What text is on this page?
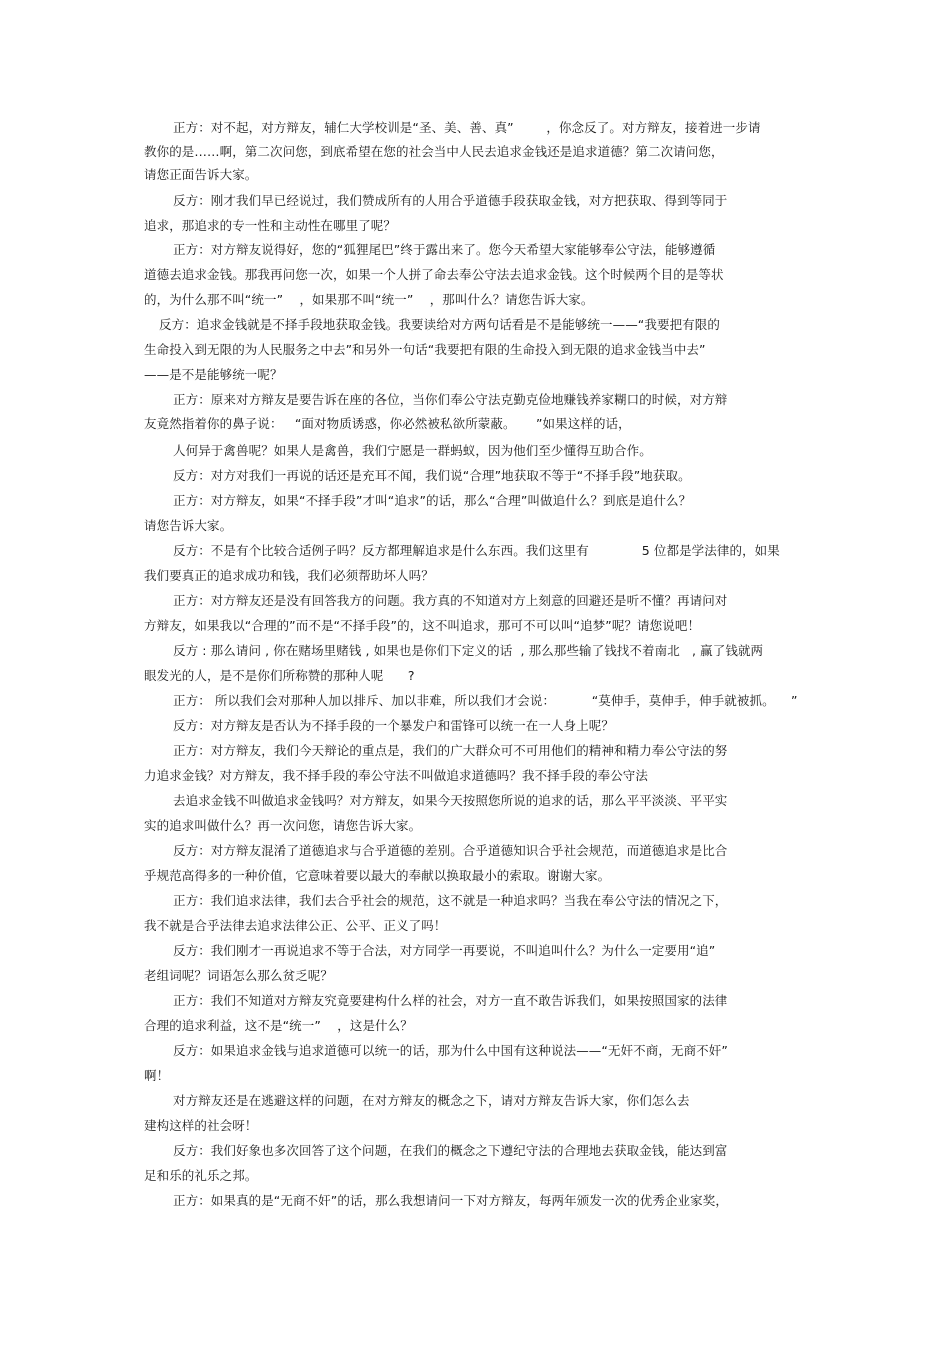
正方：对不起，对方辩友，辅仁大学校训是“圣、美、善、真”        ，你念反了。对方辩友，接着进一步请
教你的是……啊，第二次问您，到底希望在您的社会当中人民去追求金钱还是追求道德？第二次请问您，
请您正面告诉大家。
反方：刚才我们早已经说过，我们赞成所有的人用合乎道德手段获取金钱，对方把获取、得到等同于
追求，那追求的专一性和主动性在哪里了呢？
正方：对方辩友说得好，您的“狐狸尾巴”终于露出来了。您今天希望大家能够奉公守法，能够遵循
道德去追求金钱。那我再问您一次，如果一个人拼了命去奉公守法去追求金钱。这个时候两个目的是等状
的，为什么那不叫“统一”    ，如果那不叫“统一”    ，那叫什么？请您告诉大家。
反方：追求金钱就是不择手段地获取金钱。我要读给对方两句话看是不是能够统一——“我要把有限的
生命投入到无限的为人民服务之中去”和另外一句话“我要把有限的生命投入到无限的追求金钱当中去”
——是不是能够统一呢？
正方：原来对方辩友是要告诉在座的各位，当你们奉公守法克勤克俭地赚钱养家糊口的时候，对方辩
友竟然指着你的鼻子说：   “面对物质诱惑，你必然被私欲所蒙蔽。     ”如果这样的话，
人何异于禽兽呢？如果人是禽兽，我们宁愿是一群蚂蚁，因为他们至少懂得互助合作。
反方：对方对我们一再说的话还是充耳不闻，我们说“合理”地获取不等于“不择手段”地获取。
正方：对方辩友，如果“不择手段”才叫“追求”的话，那么“合理”叫做追什么？到底是追什么？
请您告诉大家。
反方：不是有个比较合适例子吗？反方都理解追求是什么东西。我们这里有             5 位都是学法律的，如果
我们要真正的追求成功和钱，我们必须帮助坏人吗？
正方：对方辩友还是没有回答我方的问题。我方真的不知道对方上刻意的回避还是听不懂？再请问对
方辩友，如果我以“合理的”而不是“不择手段”的，这不叫追求，那可不可以叫“追梦”呢？请您说吧！
反方 : 那么请问 , 你在赌场里赌钱 , 如果也是你们下定义的话  , 那么那些输了钱找不着南北   , 赢了钱就两
眼发光的人，是不是你们所称赞的那种人呢      ?
正方： 所以我们会对那种人加以排斥、加以非难，所以我们才会说：         “莫伸手，莫伸手，伸手就被抓。    ”
反方：对方辩友是否认为不择手段的一个暴发户和雷锋可以统一在一人身上呢？
正方：对方辩友，我们今天辩论的重点是，我们的广大群众可不可用他们的精神和精力奉公守法的努
力追求金钱？对方辩友，我不择手段的奉公守法不叫做追求道德吗？我不择手段的奉公守法
去追求金钱不叫做追求金钱吗？对方辩友，如果今天按照您所说的追求的话，那么平平淡淡、平平实
实的追求叫做什么？再一次问您，请您告诉大家。
反方：对方辩友混淆了道德追求与合乎道德的差别。合乎道德知识合乎社会规范，而道德追求是比合
乎规范高得多的一种价值，它意味着要以最大的奉献以换取最小的索取。谢谢大家。
正方：我们追求法律，我们去合乎社会的规范，这不就是一种追求吗？当我在奉公守法的情况之下，
我不就是合乎法律去追求法律公正、公平、正义了吗！
反方：我们刚才一再说追求不等于合法，对方同学一再要说，不叫追叫什么？为什么一定要用“追”
老组词呢？词语怎么那么贫乏呢？
正方：我们不知道对方辩友究竟要建构什么样的社会，对方一直不敢告诉我们，如果按照国家的法律
合理的追求利益，这不是“统一”    ，这是什么？
反方：如果追求金钱与追求道德可以统一的话，那为什么中国有这种说法——“无奸不商，无商不奸”
啊！
对方辩友还是在逃避这样的问题，在对方辩友的概念之下，请对方辩友告诉大家，你们怎么去
建构这样的社会呀！
反方：我们好象也多次回答了这个问题，在我们的概念之下遵纪守法的合理地去获取金钱，能达到富
足和乐的礼乐之邦。
正方：如果真的是“无商不奸”的话，那么我想请问一下对方辩友，每两年颁发一次的优秀企业家奖，
